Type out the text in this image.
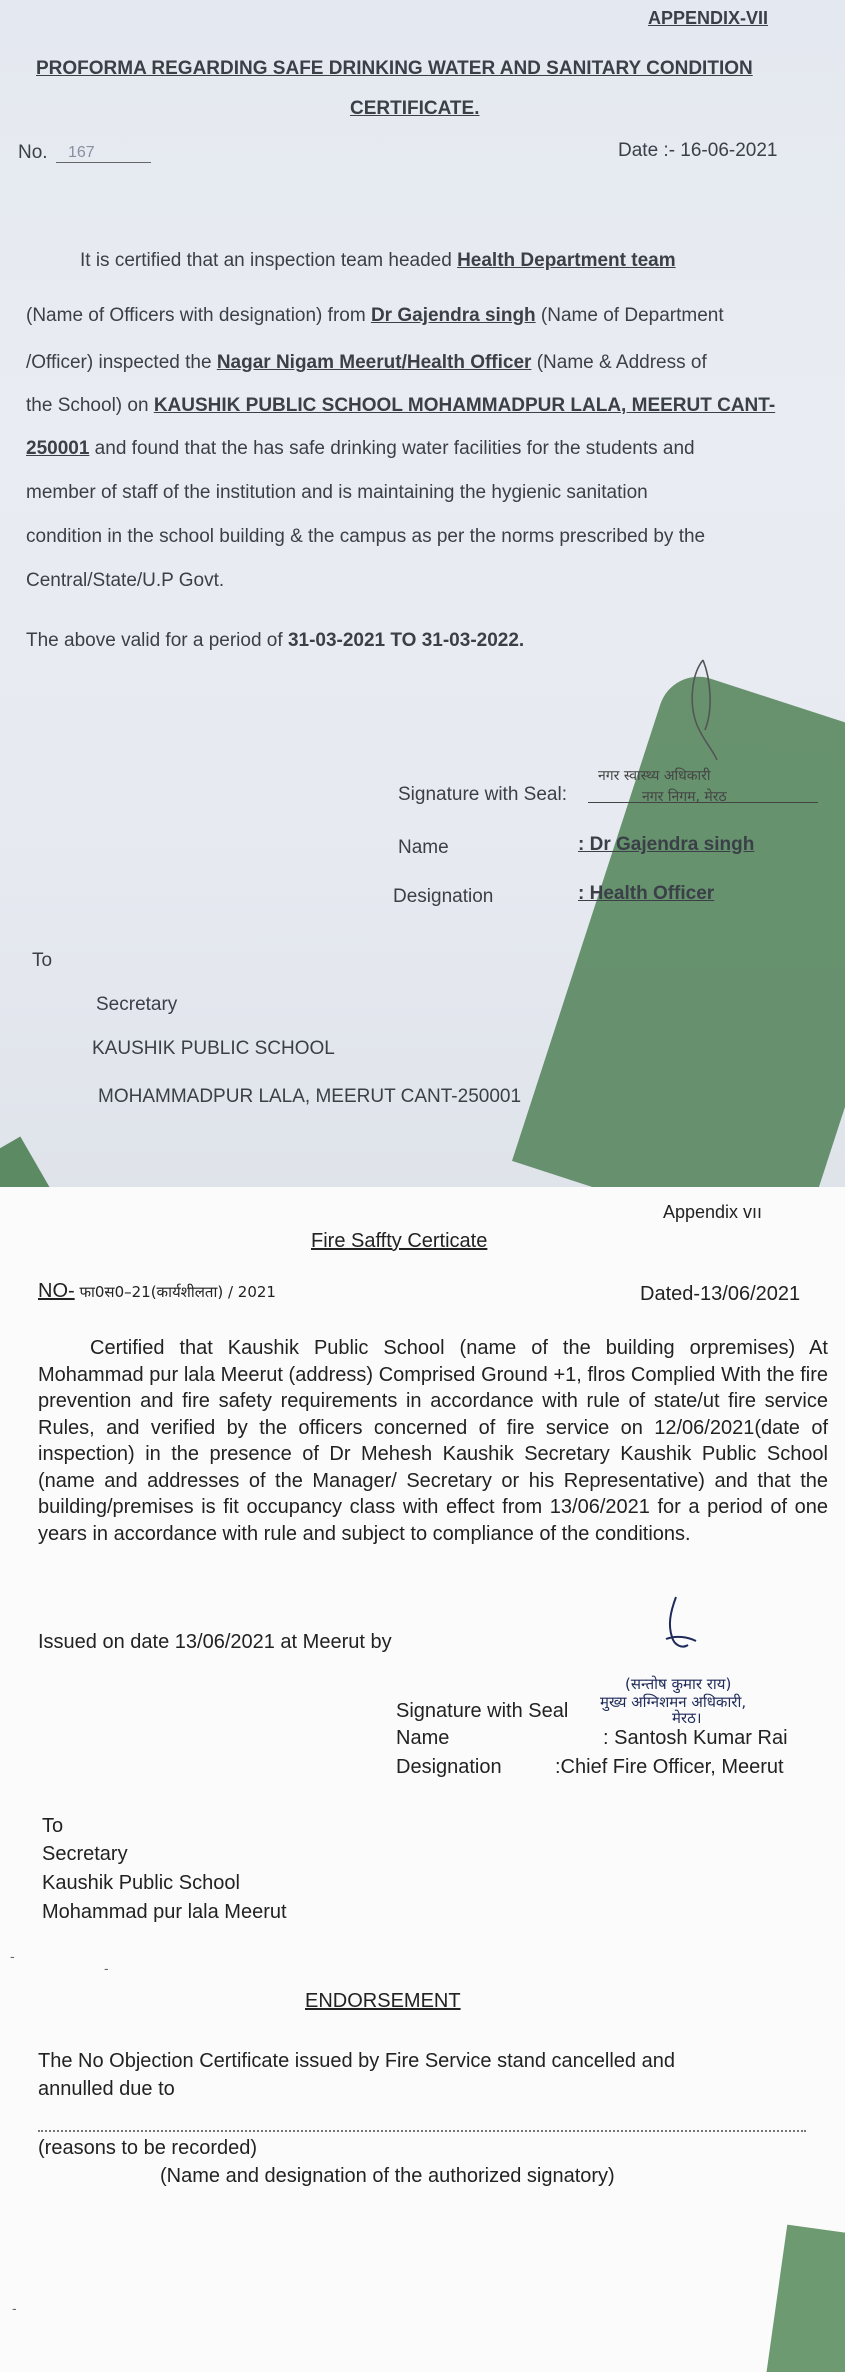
APPENDIX-VII
PROFORMA REGARDING SAFE DRINKING WATER AND SANITARY CONDITION
CERTIFICATE.
No.	167	Date :- 16-06-2021
It is certified that an inspection team headed Health Department team
(Name of Officers with designation) from Dr Gajendra singh (Name of Department
/Officer) inspected the Nagar Nigam Meerut/Health Officer (Name & Address of
the School) on KAUSHIK PUBLIC SCHOOL MOHAMMADPUR LALA, MEERUT CANT-
250001 and found that the has safe drinking water facilities for the students and
member of staff of the institution and is maintaining the hygienic sanitation
condition in the school building & the campus as per the norms prescribed by the
Central/State/U.P Govt.
The above valid for a period of 31-03-2021 TO 31-03-2022.
Signature with Seal:
नगर स्वास्थ्य अधिकारी
नगर निगम, मेरठ
Name	: Dr Gajendra singh
Designation	: Health Officer
To
Secretary
KAUSHIK PUBLIC SCHOOL
MOHAMMADPUR LALA, MEERUT CANT-250001
Appendix vıı
Fire Saffty Certicate
NO- फा0स0–21(कार्यशीलता) / 2021	Dated-13/06/2021
Certified that Kaushik Public School (name of the building orpremises) At Mohammad pur lala Meerut (address) Comprised Ground +1, flros Complied With the fire prevention and fire safety requirements in accordance with rule of state/ut fire service Rules, and verified by the officers concerned of fire service on 12/06/2021(date of inspection) in the presence of Dr Mehesh Kaushik Secretary Kaushik Public School (name and addresses of the Manager/ Secretary or his Representative) and that the building/premises is fit occupancy class with effect from 13/06/2021 for a period of one years in accordance with rule and subject to compliance of the conditions.
Issued on date 13/06/2021 at Meerut by
(सन्तोष कुमार राय)
मुख्य अग्निशमन अधिकारी,
मेरठ।
Signature with Seal
Name	: Santosh Kumar Rai
Designation	:Chief Fire Officer, Meerut
To
Secretary
Kaushik Public School
Mohammad pur lala Meerut
-
-
ENDORSEMENT
The No Objection Certificate issued by Fire Service stand cancelled and
annulled due to
(reasons to be recorded)
(Name and designation of the authorized signatory)
-
